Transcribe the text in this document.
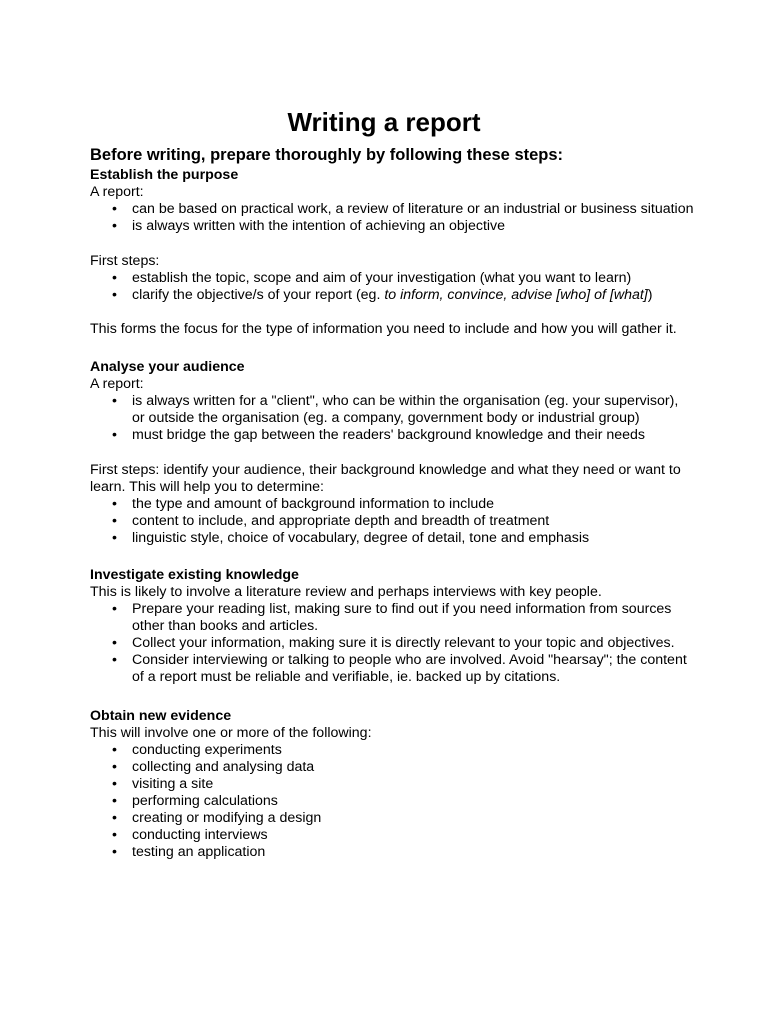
Writing a report
Before writing, prepare thoroughly by following these steps:
Establish the purpose
A report:
• can be based on practical work, a review of literature or an industrial or business situation
• is always written with the intention of achieving an objective
First steps:
• establish the topic, scope and aim of your investigation (what you want to learn)
• clarify the objective/s of your report (eg. to inform, convince, advise [who] of [what])
This forms the focus for the type of information you need to include and how you will gather it.
Analyse your audience
A report:
• is always written for a "client", who can be within the organisation (eg. your supervisor), or outside the organisation (eg. a company, government body or industrial group)
• must bridge the gap between the readers' background knowledge and their needs
First steps: identify your audience, their background knowledge and what they need or want to
learn. This will help you to determine:
• the type and amount of background information to include
• content to include, and appropriate depth and breadth of treatment
• linguistic style, choice of vocabulary, degree of detail, tone and emphasis
Investigate existing knowledge
This is likely to involve a literature review and perhaps interviews with key people.
• Prepare your reading list, making sure to find out if you need information from sources other than books and articles.
• Collect your information, making sure it is directly relevant to your topic and objectives.
• Consider interviewing or talking to people who are involved. Avoid "hearsay"; the content of a report must be reliable and verifiable, ie. backed up by citations.
Obtain new evidence
This will involve one or more of the following:
• conducting experiments
• collecting and analysing data
• visiting a site
• performing calculations
• creating or modifying a design
• conducting interviews
• testing an application
